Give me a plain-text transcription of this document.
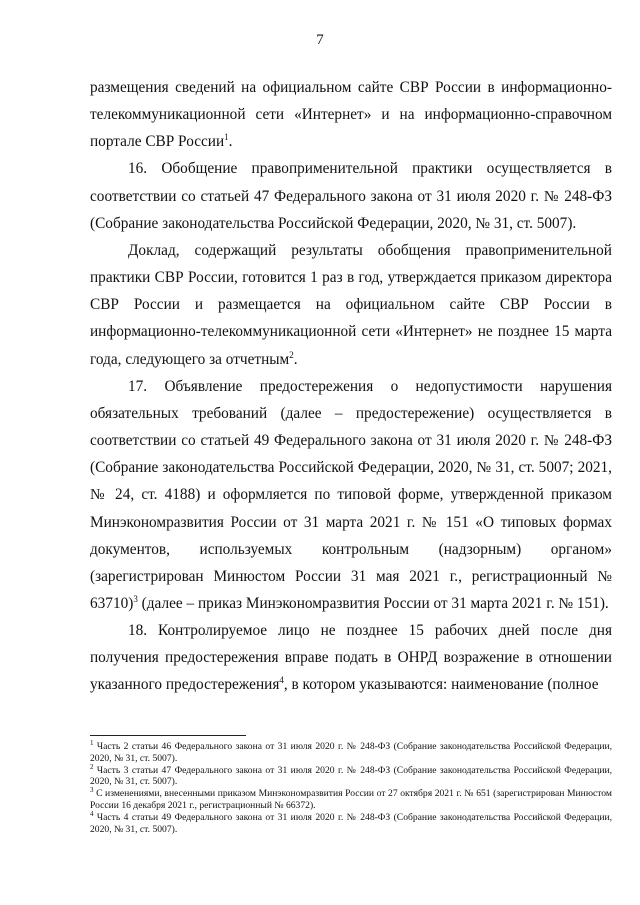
7

размещения сведений на официальном сайте СВР России в информационно-телекоммуникационной сети «Интернет» и на информационно-справочном портале СВР России$^1$.

16. Обобщение правоприменительной практики осуществляется в соответствии со статьей 47 Федерального закона от 31 июля 2020 г. № 248-ФЗ (Собрание законодательства Российской Федерации, 2020, № 31, ст. 5007).

Доклад, содержащий результаты обобщения правоприменительной практики СВР России, готовится 1 раз в год, утверждается приказом директора СВР России и размещается на официальном сайте СВР России в информационно-телекоммуникационной сети «Интернет» не позднее 15 марта года, следующего за отчетным$^2$.

17. Объявление предостережения о недопустимости нарушения обязательных требований (далее – предостережение) осуществляется в соответствии со статьей 49 Федерального закона от 31 июля 2020 г. № 248-ФЗ (Собрание законодательства Российской Федерации, 2020, № 31, ст. 5007; 2021, № 24, ст. 4188) и оформляется по типовой форме, утвержденной приказом Минэкономразвития России от 31 марта 2021 г. № 151 «О типовых формах документов, используемых контрольным (надзорным) органом» (зарегистрирован Минюстом России 31 мая 2021 г., регистрационный № 63710)$^3$ (далее – приказ Минэкономразвития России от 31 марта 2021 г. № 151).

18. Контролируемое лицо не позднее 15 рабочих дней после дня получения предостережения вправе подать в ОНРД возражение в отношении указанного предостережения$^4$, в котором указываются: наименование (полное

$^1$ Часть 2 статьи 46 Федерального закона от 31 июля 2020 г. № 248-ФЗ (Собрание законодательства Российской Федерации, 2020, № 31, ст. 5007).

$^2$ Часть 3 статьи 47 Федерального закона от 31 июля 2020 г. № 248-ФЗ (Собрание законодательства Российской Федерации, 2020, № 31, ст. 5007).

$^3$ С изменениями, внесенными приказом Минэкономразвития России от 27 октября 2021 г. № 651 (зарегистрирован Минюстом России 16 декабря 2021 г., регистрационный № 66372).

$^4$ Часть 4 статьи 49 Федерального закона от 31 июля 2020 г. № 248-ФЗ (Собрание законодательства Российской Федерации, 2020, № 31, ст. 5007).
